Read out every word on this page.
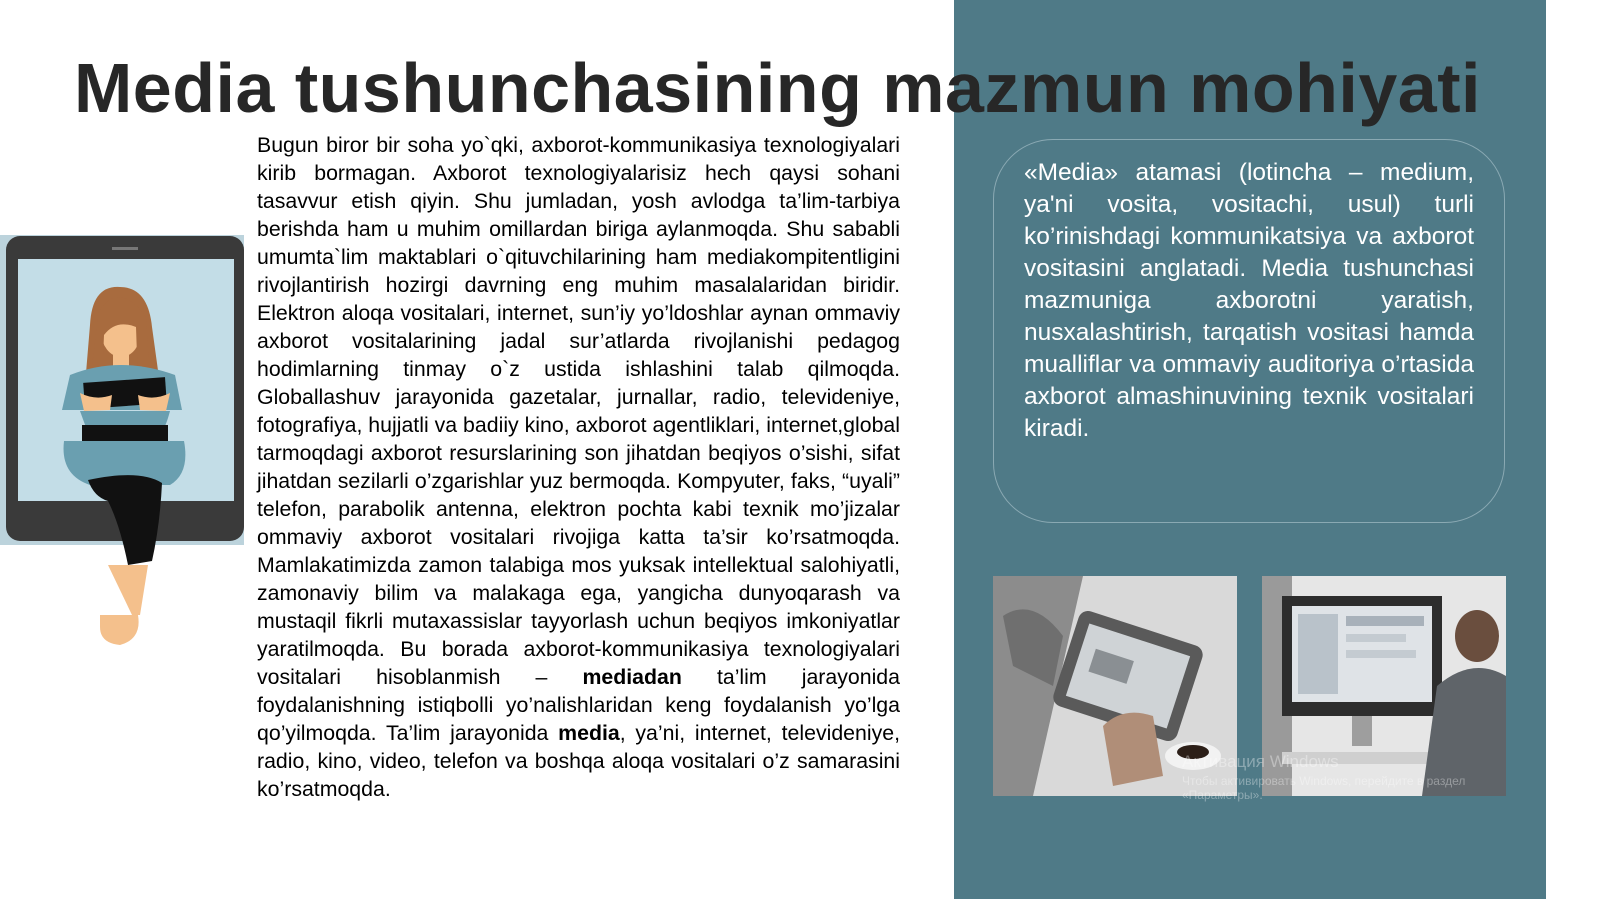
Media tushunchasining mazmun mohiyati

Bugun biror bir soha yo`qki, axborot-kommunikasiya texnologiyalari kirib bormagan. Axborot texnologiyalarisiz hech qaysi sohani tasavvur etish qiyin. Shu jumladan, yosh avlodga ta’lim-tarbiya berishda ham u muhim omillardan biriga aylanmoqda. Shu sababli umumta`lim maktablari o`qituvchilarining ham mediakompitentligini rivojlantirish hozirgi davrning eng muhim masalalaridan biridir. Elektron aloqa vositalari, internet, sun’iy yo’ldoshlar aynan ommaviy axborot vositalarining jadal sur’atlarda rivojlanishi pedagog hodimlarning tinmay o`z ustida ishlashini talab qilmoqda. Globallashuv jarayonida gazetalar, jurnallar, radio, televideniye, fotografiya, hujjatli va badiiy kino, axborot agentliklari, internet,global tarmoqdagi axborot resurslarining son jihatdan beqiyos o’sishi, sifat jihatdan sezilarli o’zgarishlar yuz bermoqda. Kompyuter, faks, “uyali” telefon, parabolik antenna, elektron pochta kabi texnik mo’jizalar ommaviy axborot vositalari rivojiga katta ta’sir ko’rsatmoqda. Mamlakatimizda zamon talabiga mos yuksak intellektual salohiyatli, zamonaviy bilim va malakaga ega, yangicha dunyoqarash va mustaqil fikrli mutaxassislar tayyorlash uchun beqiyos imkoniyatlar yaratilmoqda. Bu borada axborot-kommunikasiya texnologiyalari vositalari hisoblanmish – mediadan ta’lim jarayonida foydalanishning istiqbolli yo’nalishlaridan keng foydalanish yo’lga qo’yilmoqda. Ta’lim jarayonida media, ya’ni, internet, televideniye, radio, kino, video, telefon va boshqa aloqa vositalari o’z samarasini ko’rsatmoqda.

«Media» atamasi (lotincha – medium, ya'ni vosita, vositachi, usul) turli ko’rinishdagi kommunikatsiya va axborot vositasini anglatadi. Media tushunchasi mazmuniga axborotni yaratish, nusxalashtirish, tarqatish vositasi hamda mualliflar va ommaviy auditoriya o’rtasida axborot almashinuvining texnik vositalari kiradi.

Активация Windows
Чтобы активировать Windows, перейдите в раздел «Параметры».
